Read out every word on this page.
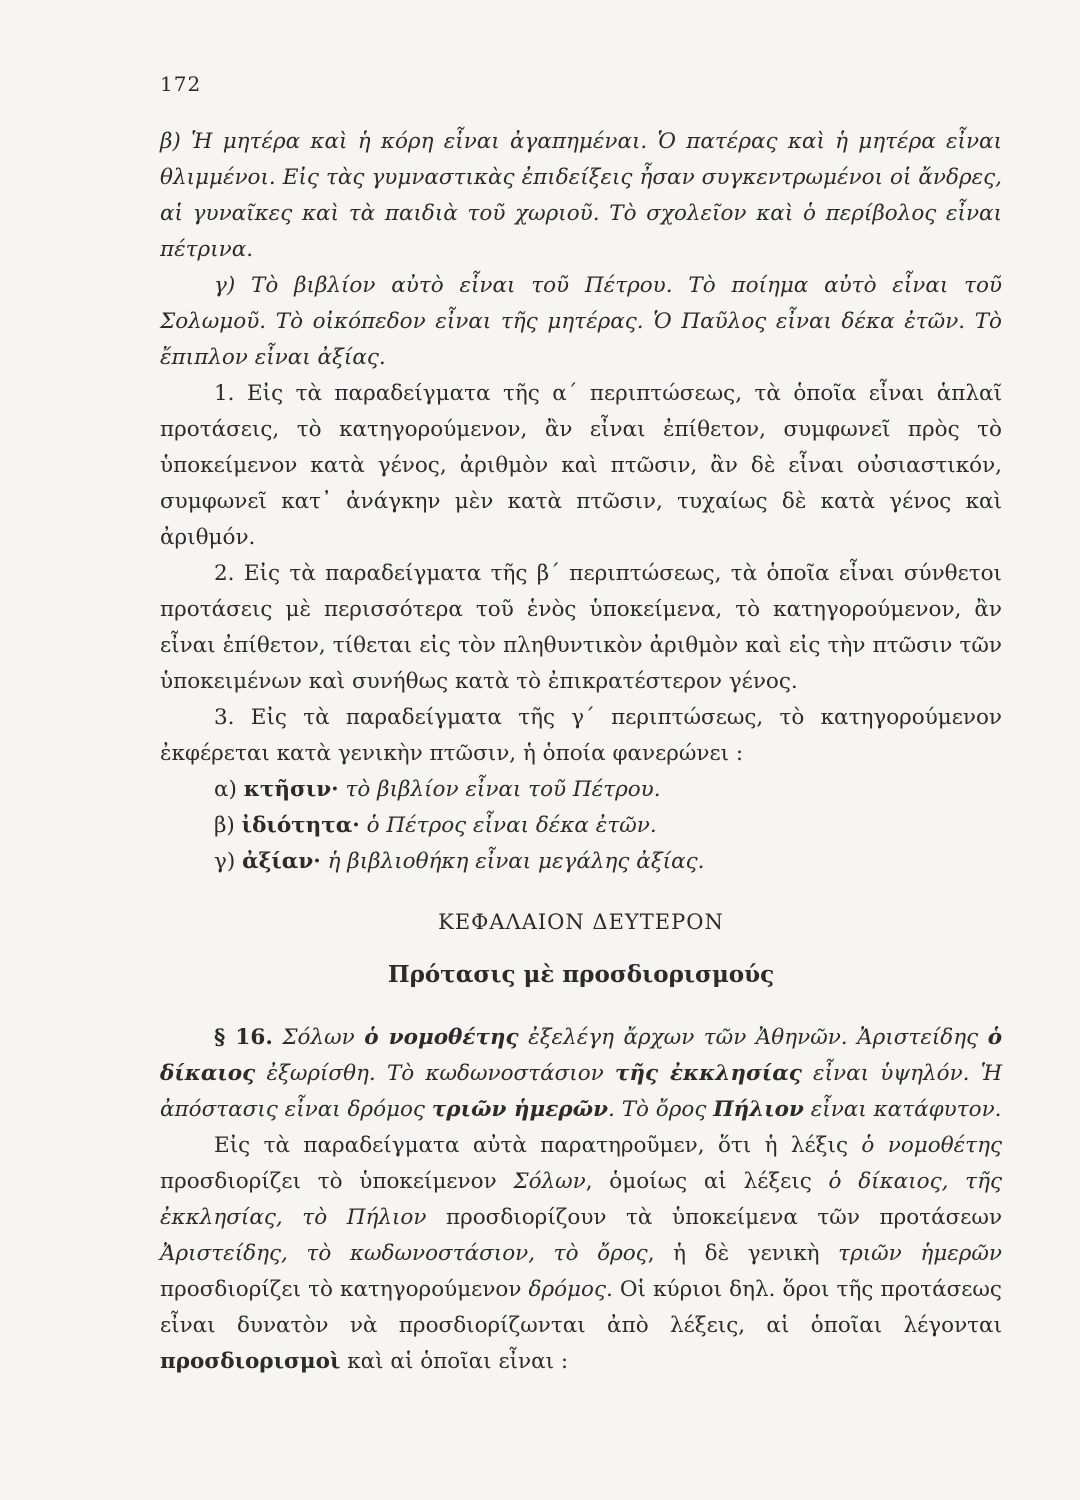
172

β) Ἡ μητέρα καὶ ἡ κόρη εἶναι ἀγαπημέναι. Ὁ πατέρας καὶ ἡ μητέρα εἶναι θλιμμένοι. Εἰς τὰς γυμναστικὰς ἐπιδείξεις ἦσαν συγκεντρωμένοι οἱ ἄνδρες, αἱ γυναῖκες καὶ τὰ παιδιὰ τοῦ χωριοῦ. Τὸ σχολεῖον καὶ ὁ περίβολος εἶναι πέτρινα.

γ) Τὸ βιβλίον αὐτὸ εἶναι τοῦ Πέτρου. Τὸ ποίημα αὐτὸ εἶναι τοῦ Σολωμοῦ. Τὸ οἰκόπεδον εἶναι τῆς μητέρας. Ὁ Παῦλος εἶναι δέκα ἐτῶν. Τὸ ἔπιπλον εἶναι ἀξίας.

1. Εἰς τὰ παραδείγματα τῆς α΄ περιπτώσεως, τὰ ὁποῖα εἶναι ἁπλαῖ προτάσεις, τὸ κατηγορούμενον, ἂν εἶναι ἐπίθετον, συμφωνεῖ πρὸς τὸ ὑποκείμενον κατὰ γένος, ἀριθμὸν καὶ πτῶσιν, ἂν δὲ εἶναι οὐσιαστικόν, συμφωνεῖ κατ᾽ ἀνάγκην μὲν κατὰ πτῶσιν, τυχαίως δὲ κατὰ γένος καὶ ἀριθμόν.

2. Εἰς τὰ παραδείγματα τῆς β΄ περιπτώσεως, τὰ ὁποῖα εἶναι σύνθετοι προτάσεις μὲ περισσότερα τοῦ ἑνὸς ὑποκείμενα, τὸ κατηγορούμενον, ἂν εἶναι ἐπίθετον, τίθεται εἰς τὸν πληθυντικὸν ἀριθμὸν καὶ εἰς τὴν πτῶσιν τῶν ὑποκειμένων καὶ συνήθως κατὰ τὸ ἐπικρατέστερον γένος.

3. Εἰς τὰ παραδείγματα τῆς γ΄ περιπτώσεως, τὸ κατηγορούμενον ἐκφέρεται κατὰ γενικὴν πτῶσιν, ἡ ὁποία φανερώνει :

α) κτῆσιν· τὸ βιβλίον εἶναι τοῦ Πέτρου.

β) ἰδιότητα· ὁ Πέτρος εἶναι δέκα ἐτῶν.

γ) ἀξίαν· ἡ βιβλιοθήκη εἶναι μεγάλης ἀξίας.

ΚΕΦΑΛΑΙΟΝ ΔΕΥΤΕΡΟΝ
Πρότασις μὲ προσδιορισμούς

§ 16. Σόλων ὁ νομοθέτης ἐξελέγη ἄρχων τῶν Ἀθηνῶν. Ἀριστείδης ὁ δίκαιος ἐξωρίσθη. Τὸ κωδωνοστάσιον τῆς ἐκκλησίας εἶναι ὑψηλόν. Ἡ ἀπόστασις εἶναι δρόμος τριῶν ἡμερῶν. Τὸ ὄρος Πήλιον εἶναι κατάφυτον.

Εἰς τὰ παραδείγματα αὐτὰ παρατηροῦμεν, ὅτι ἡ λέξις ὁ νομοθέτης προσδιορίζει τὸ ὑποκείμενον Σόλων, ὁμοίως αἱ λέξεις ὁ δίκαιος, τῆς ἐκκλησίας, τὸ Πήλιον προσδιορίζουν τὰ ὑποκείμενα τῶν προτάσεων Ἀριστείδης, τὸ κωδωνοστάσιον, τὸ ὄρος, ἡ δὲ γενικὴ τριῶν ἡμερῶν προσδιορίζει τὸ κατηγορούμενον δρόμος. Οἱ κύριοι δηλ. ὅροι τῆς προτάσεως εἶναι δυνατὸν νὰ προσδιορίζωνται ἀπὸ λέξεις, αἱ ὁποῖαι λέγονται προσδιορισμοὶ καὶ αἱ ὁποῖαι εἶναι :
